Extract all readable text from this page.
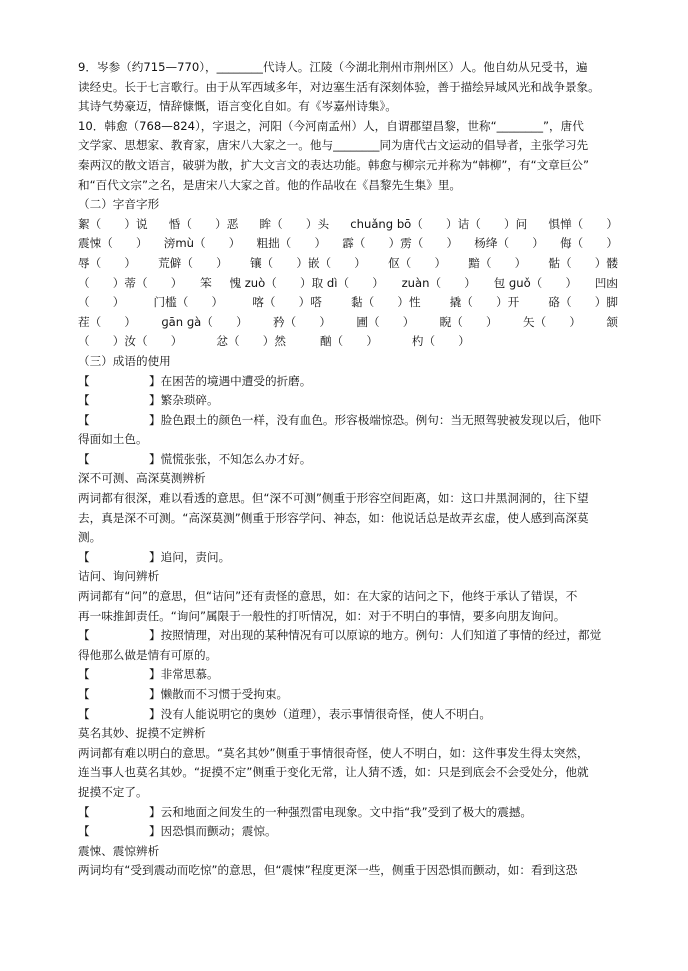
9．岑参（约715—770），________代诗人。江陵（今湖北荆州市荆州区）人。他自幼从兄受书，遍
读经史。长于七言歌行。由于从军西域多年，对边塞生活有深刻体验，善于描绘异域风光和战争景象。
其诗气势豪迈，情辞慷慨，语言变化自如。有《岑嘉州诗集》。
10．韩愈（768—824），字退之，河阳（今河南孟州）人，自谓郡望昌黎，世称“________”，唐代
文学家、思想家、教育家，唐宋八大家之一。他与________同为唐代古文运动的倡导者，主张学习先
秦两汉的散文语言，破骈为散，扩大文言文的表达功能。韩愈与柳宗元并称为“韩柳”，有“文章巨公”
和“百代文宗”之名，是唐宋八大家之首。他的作品收在《昌黎先生集》里。
（二）字音字形
絮（　　）说 惛（　　）恶 眸（　　）头 chuǎng bō（　　）诘（　　）问 惧惮（　　）
震悚（　　） 滂mù（　　） 粗拙（　　） 霹（　　）雳（　　） 杨绛（　　） 侮（　　）
辱（　　） 荒僻（　　） 镶（　　）嵌（　　） 伛（　　） 黯（　　） 骷（　　）髅
（　　）蒂（　　） 笨 愧 zuò（　　）取 dì（　　） zuàn（　　） 包 ɡuǒ（　　） 凹凼
（　　）	门槛（　　）	喀（　　）嗒	黏（　　）性	撬（　　）开	硌（　　）脚
茬（　　） ɡān ɡà（　　） 矜（　　） 圃（　　） 睨（　　） 矢（　　） 颔
（　　）汝（　　）	忿（　　）然	酗（　　）	杓（　　）
（三）成语的使用
【	】在困苦的境遇中遭受的折磨。
【	】繁杂琐碎。
【	】脸色跟土的颜色一样，没有血色。形容极端惊恐。例句：当无照驾驶被发现以后，他吓
得面如土色。
【	】慌慌张张，不知怎么办才好。
深不可测、高深莫测辨析
两词都有很深，难以看透的意思。但“深不可测”侧重于形容空间距离，如：这口井黑洞洞的，往下望
去，真是深不可测。“高深莫测”侧重于形容学问、神态，如：他说话总是故弄玄虚，使人感到高深莫
测。
【	】追问，责问。
诘问、询问辨析
两词都有“问”的意思，但“诘问”还有责怪的意思，如：在大家的诘问之下，他终于承认了错误，不
再一味推卸责任。“询问”属限于一般性的打听情况，如：对于不明白的事情，要多向朋友询问。
【	】按照情理，对出现的某种情况有可以原谅的地方。例句：人们知道了事情的经过，都觉
得他那么做是情有可原的。
【	】非常思慕。
【	】懒散而不习惯于受拘束。
【	】没有人能说明它的奥妙（道理），表示事情很奇怪，使人不明白。
莫名其妙、捉摸不定辨析
两词都有难以明白的意思。“莫名其妙”侧重于事情很奇怪，使人不明白，如：这件事发生得太突然，
连当事人也莫名其妙。“捉摸不定”侧重于变化无常，让人猜不透，如：只是到底会不会受处分，他就
捉摸不定了。
【	】云和地面之间发生的一种强烈雷电现象。文中指“我”受到了极大的震撼。
【	】因恐惧而颤动；震惊。
震悚、震惊辨析
两词均有“受到震动而吃惊”的意思，但“震悚”程度更深一些，侧重于因恐惧而颤动，如：看到这恐
